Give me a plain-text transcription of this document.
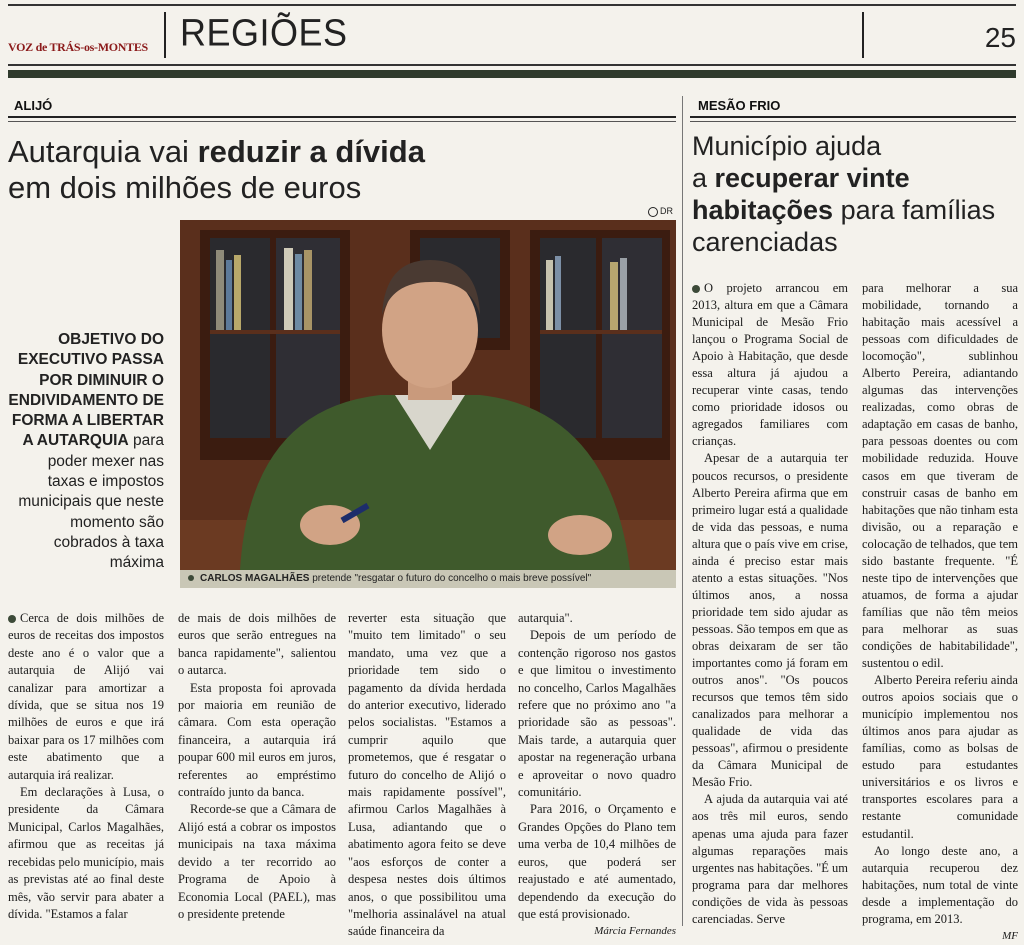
VOZ de TRÁS-os-MONTES REGIÕES	25
ALIJÓ
Autarquia vai reduzir a dívida
em dois milhões de euros
DR
CARLOS MAGALHÃES pretende "resgatar o futuro do concelho o mais breve possível"
OBJETIVO DO EXECUTIVO PASSA POR DIMINUIR O ENDIVIDAMENTO DE FORMA A LIBERTAR A AUTARQUIA para poder mexer nas taxas e impostos municipais que neste momento são cobrados à taxa máxima

Cerca de dois milhões de euros de receitas dos impostos deste ano é o valor que a autarquia de Alijó vai canalizar para amortizar a dívida, que se situa nos 19 milhões de euros e que irá baixar para os 17 milhões com este abatimento que a autarquia irá realizar.

Em declarações à Lusa, o presidente da Câmara Municipal, Carlos Magalhães, afirmou que as receitas já recebidas pelo município, mais as previstas até ao final deste mês, vão servir para abater a dívida. "Estamos a falar

de mais de dois milhões de euros que serão entregues na banca rapidamente", salientou o autarca.

Esta proposta foi aprovada por maioria em reunião de câmara. Com esta operação financeira, a autarquia irá poupar 600 mil euros em juros, referentes ao empréstimo contraído junto da banca.

Recorde-se que a Câmara de Alijó está a cobrar os impostos municipais na taxa máxima devido a ter recorrido ao Programa de Apoio à Economia Local (PAEL), mas o presidente pretende

reverter esta situação que "muito tem limitado" o seu mandato, uma vez que a prioridade tem sido o pagamento da dívida herdada do anterior executivo, liderado pelos socialistas. "Estamos a cumprir aquilo que prometemos, que é resgatar o futuro do concelho de Alijó o mais rapidamente possível", afirmou Carlos Magalhães à Lusa, adiantando que o abatimento agora feito se deve "aos esforços de conter a despesa nestes dois últimos anos, o que possibilitou uma "melhoria assinalável na atual saúde financeira da

autarquia".

Depois de um período de contenção rigoroso nos gastos e que limitou o investimento no concelho, Carlos Magalhães refere que no próximo ano "a prioridade são as pessoas". Mais tarde, a autarquia quer apostar na regeneração urbana e aproveitar o novo quadro comunitário.

Para 2016, o Orçamento e Grandes Opções do Plano tem uma verba de 10,4 milhões de euros, que poderá ser reajustado e até aumentado, dependendo da execução do que está provisionado.

Márcia Fernandes
MESÃO FRIO
Município ajuda
a recuperar vinte habitações para famílias carenciadas

O projeto arrancou em 2013, altura em que a Câmara Municipal de Mesão Frio lançou o Programa Social de Apoio à Habitação, que desde essa altura já ajudou a recuperar vinte casas, tendo como prioridade idosos ou agregados familiares com crianças.

Apesar de a autarquia ter poucos recursos, o presidente Alberto Pereira afirma que em primeiro lugar está a qualidade de vida das pessoas, e numa altura que o país vive em crise, ainda é preciso estar mais atento a estas situações. "Nos últimos anos, a nossa prioridade tem sido ajudar as pessoas. São tempos em que as obras deixaram de ser tão importantes como já foram em outros anos". "Os poucos recursos que temos têm sido canalizados para melhorar a qualidade de vida das pessoas", afirmou o presidente da Câmara Municipal de Mesão Frio.

A ajuda da autarquia vai até aos três mil euros, sendo apenas uma ajuda para fazer algumas reparações mais urgentes nas habitações. "É um programa para dar melhores condições de vida às pessoas carenciadas. Serve

para melhorar a sua mobilidade, tornando a habitação mais acessível a pessoas com dificuldades de locomoção", sublinhou Alberto Pereira, adiantando algumas das intervenções realizadas, como obras de adaptação em casas de banho, para pessoas doentes ou com mobilidade reduzida. Houve casos em que tiveram de construir casas de banho em habitações que não tinham esta divisão, ou a reparação e colocação de telhados, que tem sido bastante frequente. "É neste tipo de intervenções que atuamos, de forma a ajudar famílias que não têm meios para melhorar as suas condições de habitabilidade", sustentou o edil.

Alberto Pereira referiu ainda outros apoios sociais que o município implementou nos últimos anos para ajudar as famílias, como as bolsas de estudo para estudantes universitários e os livros e transportes escolares para a restante comunidade estudantil.

Ao longo deste ano, a autarquia recuperou dez habitações, num total de vinte desde a implementação do programa, em 2013.

MF
